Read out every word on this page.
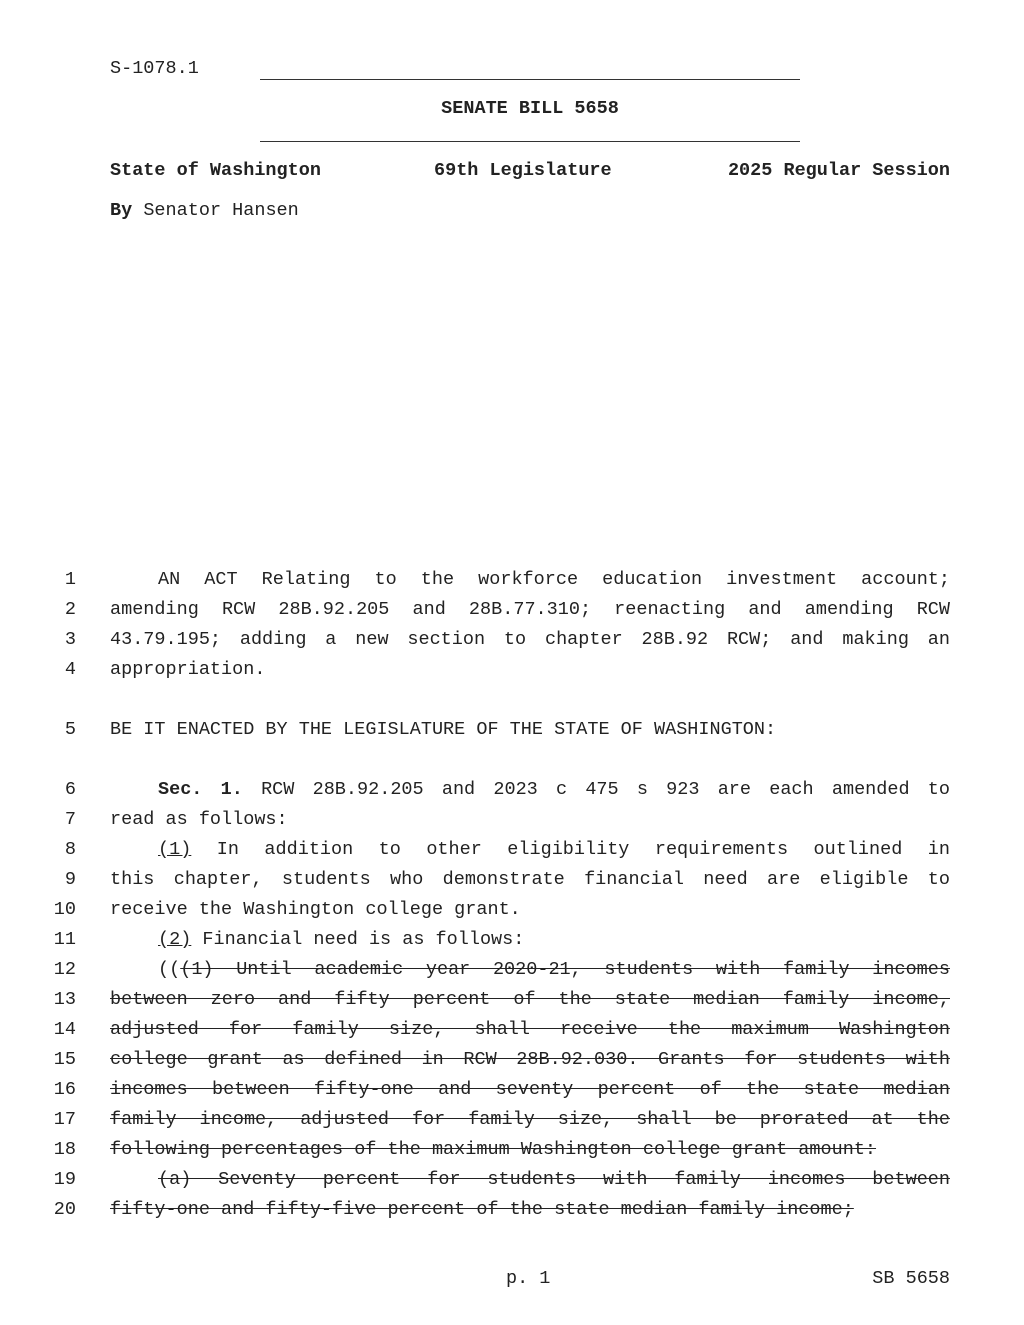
S-1078.1
SENATE BILL 5658
State of Washington	69th Legislature	2025 Regular Session
By Senator Hansen
1	AN ACT Relating to the workforce education investment account;
2 amending RCW 28B.92.205 and 28B.77.310; reenacting and amending RCW
3 43.79.195; adding a new section to chapter 28B.92 RCW; and making an
4 appropriation.
5 BE IT ENACTED BY THE LEGISLATURE OF THE STATE OF WASHINGTON:
6	Sec. 1. RCW 28B.92.205 and 2023 c 475 s 923 are each amended to
7 read as follows:
8	(1) In addition to other eligibility requirements outlined in
9 this chapter, students who demonstrate financial need are eligible to
10 receive the Washington college grant.
11	(2) Financial need is as follows:
12	(((1) Until academic year 2020-21, students with family incomes
13 between zero and fifty percent of the state median family income,
14 adjusted for family size, shall receive the maximum Washington
15 college grant as defined in RCW 28B.92.030. Grants for students with
16 incomes between fifty-one and seventy percent of the state median
17 family income, adjusted for family size, shall be prorated at the
18 following percentages of the maximum Washington college grant amount:
19	(a) Seventy percent for students with family incomes between
20 fifty-one and fifty-five percent of the state median family income;
p. 1	SB 5658
